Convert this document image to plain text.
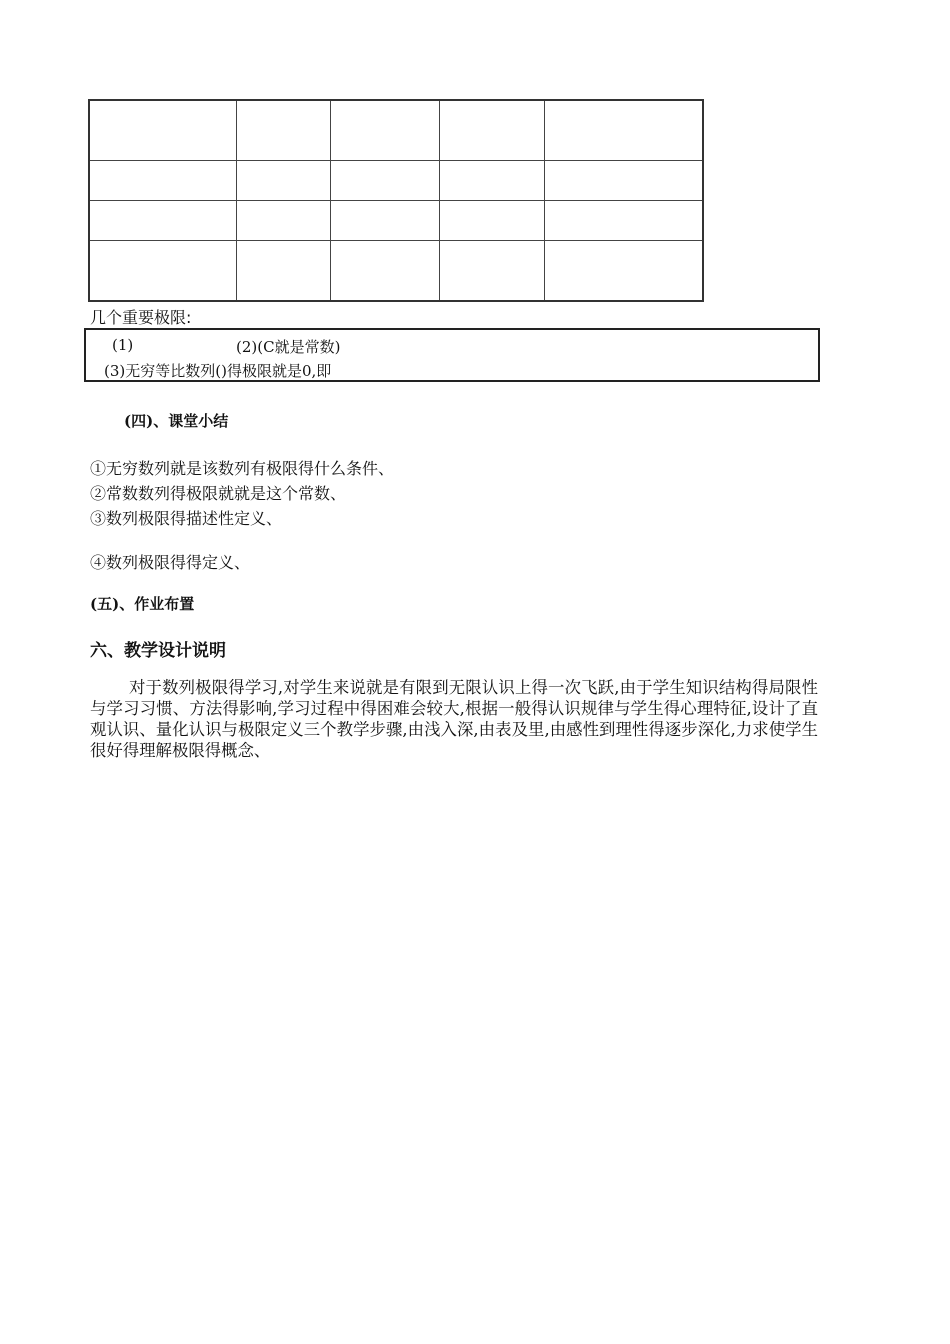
几个重要极限:
(1)	(2)(C就是常数)
(3)无穷等比数列()得极限就是0,即
(四)、课堂小结
①无穷数列就是该数列有极限得什么条件、
②常数数列得极限就就是这个常数、
③数列极限得描述性定义、
④数列极限得得定义、
(五)、作业布置
六、教学设计说明
对于数列极限得学习,对学生来说就是有限到无限认识上得一次飞跃,由于学生知识结构得局限性与学习习惯、方法得影响,学习过程中得困难会较大,根据一般得认识规律与学生得心理特征,设计了直观认识、量化认识与极限定义三个教学步骤,由浅入深,由表及里,由感性到理性得逐步深化,力求使学生很好得理解极限得概念、
